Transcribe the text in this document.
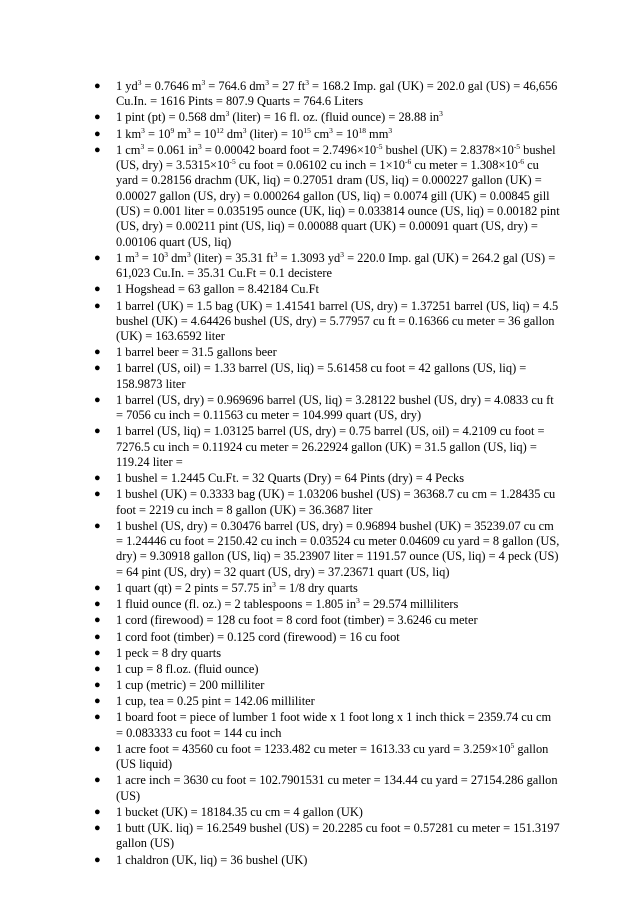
● 1 $yd^3 = 0.7646$ $m^3 = 764.6$ $dm^3 = 27$ $ft^3 = 168.2$ Imp. gal (UK) = 202.0 gal (US) = 46,656 Cu.In. = 1616 Pints = 807.9 Quarts = 764.6 Liters
● 1 pint (pt) = 0.568 $dm^3$ (liter) = 16 fl. oz. (fluid ounce) = 28.88 $in^3$
● 1 $km^3 = 10^9$ $m^3 = 10^{12}$ $dm^3$ (liter) = $10^{15}$ $cm^3 = 10^{18}$ $mm^3$
● 1 $cm^3 = 0.061$ $in^3 = 0.00042$ board foot = $2.7496\times 10^{-5}$ bushel $(UK) = 2.8378\times 10^{-5}$ bushel (US, $dry) = 3.5315\times 10^{-5}$ cu foot = 0.06102 cu inch = $1\times 10^{-6}$ cu meter = $1.308\times 10^{-6}$ cu yard = 0.28156 drachm (UK, liq) = 0.27051 dram (US, liq) = 0.000227 gallon (UK) = 0.00027 gallon (US, dry) = 0.000264 gallon (US, liq) = 0.0074 gill (UK) = 0.00845 gill (US) = 0.001 liter = 0.035195 ounce (UK, liq) = 0.033814 ounce (US, liq) = 0.00182 pint (US, dry) = 0.00211 pint (US, liq) = 0.00088 quart (UK) = 0.00091 quart (US, dry) = 0.00106 quart (US, liq)
● 1 $m^3 = 10^3$ $dm^3$ (liter) = 35.31 $ft^3 = 1.3093$ $yd^3 = 220.0$ Imp. gal (UK) = 264.2 gal (US) = 61,023 Cu.In. = 35.31 Cu.Ft = 0.1 decistere
● 1 Hogshead = 63 gallon = 8.42184 Cu.Ft
● 1 barrel (UK) = 1.5 bag (UK) = 1.41541 barrel (US, dry) = 1.37251 barrel (US, liq) = 4.5 bushel (UK) = 4.64426 bushel (US, dry) = 5.77957 cu ft = 0.16366 cu meter = 36 gallon (UK) = 163.6592 liter
● 1 barrel beer = 31.5 gallons beer
● 1 barrel (US, oil) = 1.33 barrel (US, liq) = 5.61458 cu foot = 42 gallons (US, liq) = 158.9873 liter
● 1 barrel (US, dry) = 0.969696 barrel (US, liq) = 3.28122 bushel (US, dry) = 4.0833 cu ft = 7056 cu inch = 0.11563 cu meter = 104.999 quart (US, dry)
● 1 barrel (US, liq) = 1.03125 barrel (US, dry) = 0.75 barrel (US, oil) = 4.2109 cu foot = 7276.5 cu inch = 0.11924 cu meter = 26.22924 gallon (UK) = 31.5 gallon (US, liq) = 119.24 liter =
● 1 bushel = 1.2445 Cu.Ft. = 32 Quarts (Dry) = 64 Pints (dry) = 4 Pecks
● 1 bushel (UK) = 0.3333 bag (UK) = 1.03206 bushel (US) = 36368.7 cu cm = 1.28435 cu foot = 2219 cu inch = 8 gallon (UK) = 36.3687 liter
● 1 bushel (US, dry) = 0.30476 barrel (US, dry) = 0.96894 bushel (UK) = 35239.07 cu cm = 1.24446 cu foot = 2150.42 cu inch = 0.03524 cu meter 0.04609 cu yard = 8 gallon (US, dry) = 9.30918 gallon (US, liq) = 35.23907 liter = 1191.57 ounce (US, liq) = 4 peck (US) = 64 pint (US, dry) = 32 quart (US, dry) = 37.23671 quart (US, liq)
● 1 quart (qt) = 2 pints = 57.75 $in^3 = 1/8$ dry quarts
● 1 fluid ounce (fl. oz.) = 2 tablespoons = 1.805 $in^3 = 29.574$ milliliters
● 1 cord (firewood) = 128 cu foot = 8 cord foot (timber) = 3.6246 cu meter
● 1 cord foot (timber) = 0.125 cord (firewood) = 16 cu foot
● 1 peck = 8 dry quarts
● 1 cup = 8 fl.oz. (fluid ounce)
● 1 cup (metric) = 200 milliliter
● 1 cup, tea = 0.25 pint = 142.06 milliliter
● 1 board foot = piece of lumber 1 foot wide x 1 foot long x 1 inch thick = 2359.74 cu cm = 0.083333 cu foot = 144 cu inch
● 1 acre foot = 43560 cu foot = 1233.482 cu meter = 1613.33 cu yard = $3.259\times 10^5$ gallon (US liquid)
● 1 acre inch = 3630 cu foot = 102.7901531 cu meter = 134.44 cu yard = 27154.286 gallon (US)
● 1 bucket (UK) = 18184.35 cu cm = 4 gallon (UK)
● 1 butt (UK. liq) = 16.2549 bushel (US) = 20.2285 cu foot = 0.57281 cu meter = 151.3197 gallon (US)
● 1 chaldron (UK, liq) = 36 bushel (UK)
